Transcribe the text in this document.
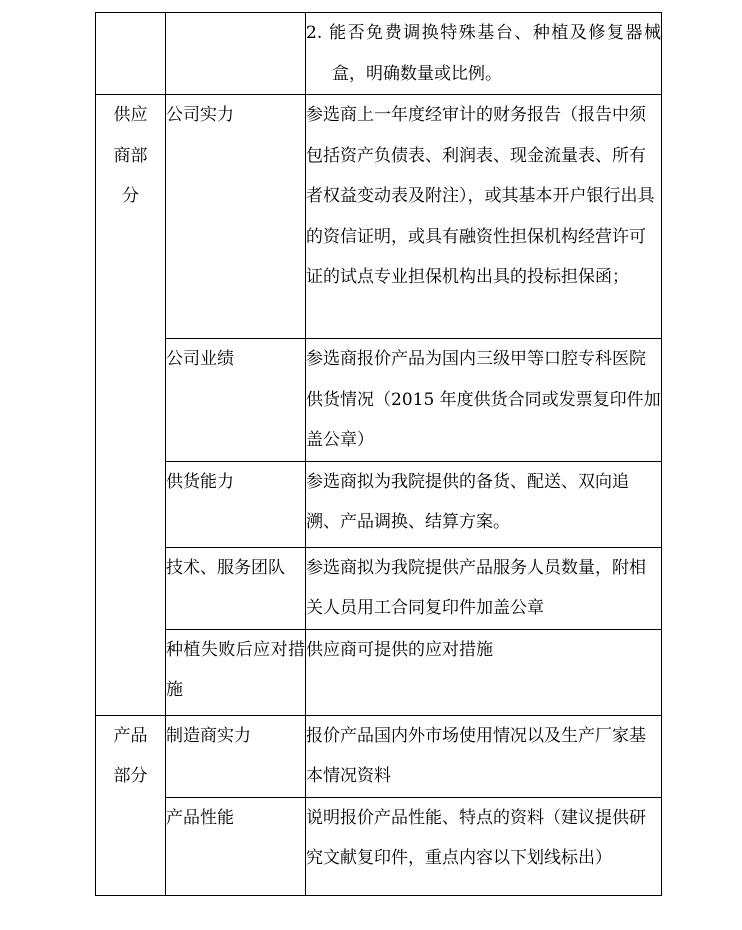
		2. 能否免费调换特殊基台、种植及修复器械
盒，明确数量或比例。

供应商部分	公司实力	参选商上一年度经审计的财务报告（报告中须包括资产负债表、利润表、现金流量表、所有者权益变动表及附注），或其基本开户银行出具的资信证明，或具有融资性担保机构经营许可证的试点专业担保机构出具的投标担保函；

	公司业绩	参选商报价产品为国内三级甲等口腔专科医院供货情况（2015 年度供货合同或发票复印件加盖公章）

	供货能力	参选商拟为我院提供的备货、配送、双向追溯、产品调换、结算方案。

	技术、服务团队	参选商拟为我院提供产品服务人员数量，附相关人员用工合同复印件加盖公章

	种植失败后应对措施	供应商可提供的应对措施

产品部分	制造商实力	报价产品国内外市场使用情况以及生产厂家基本情况资料

	产品性能	说明报价产品性能、特点的资料（建议提供研究文献复印件，重点内容以下划线标出）
